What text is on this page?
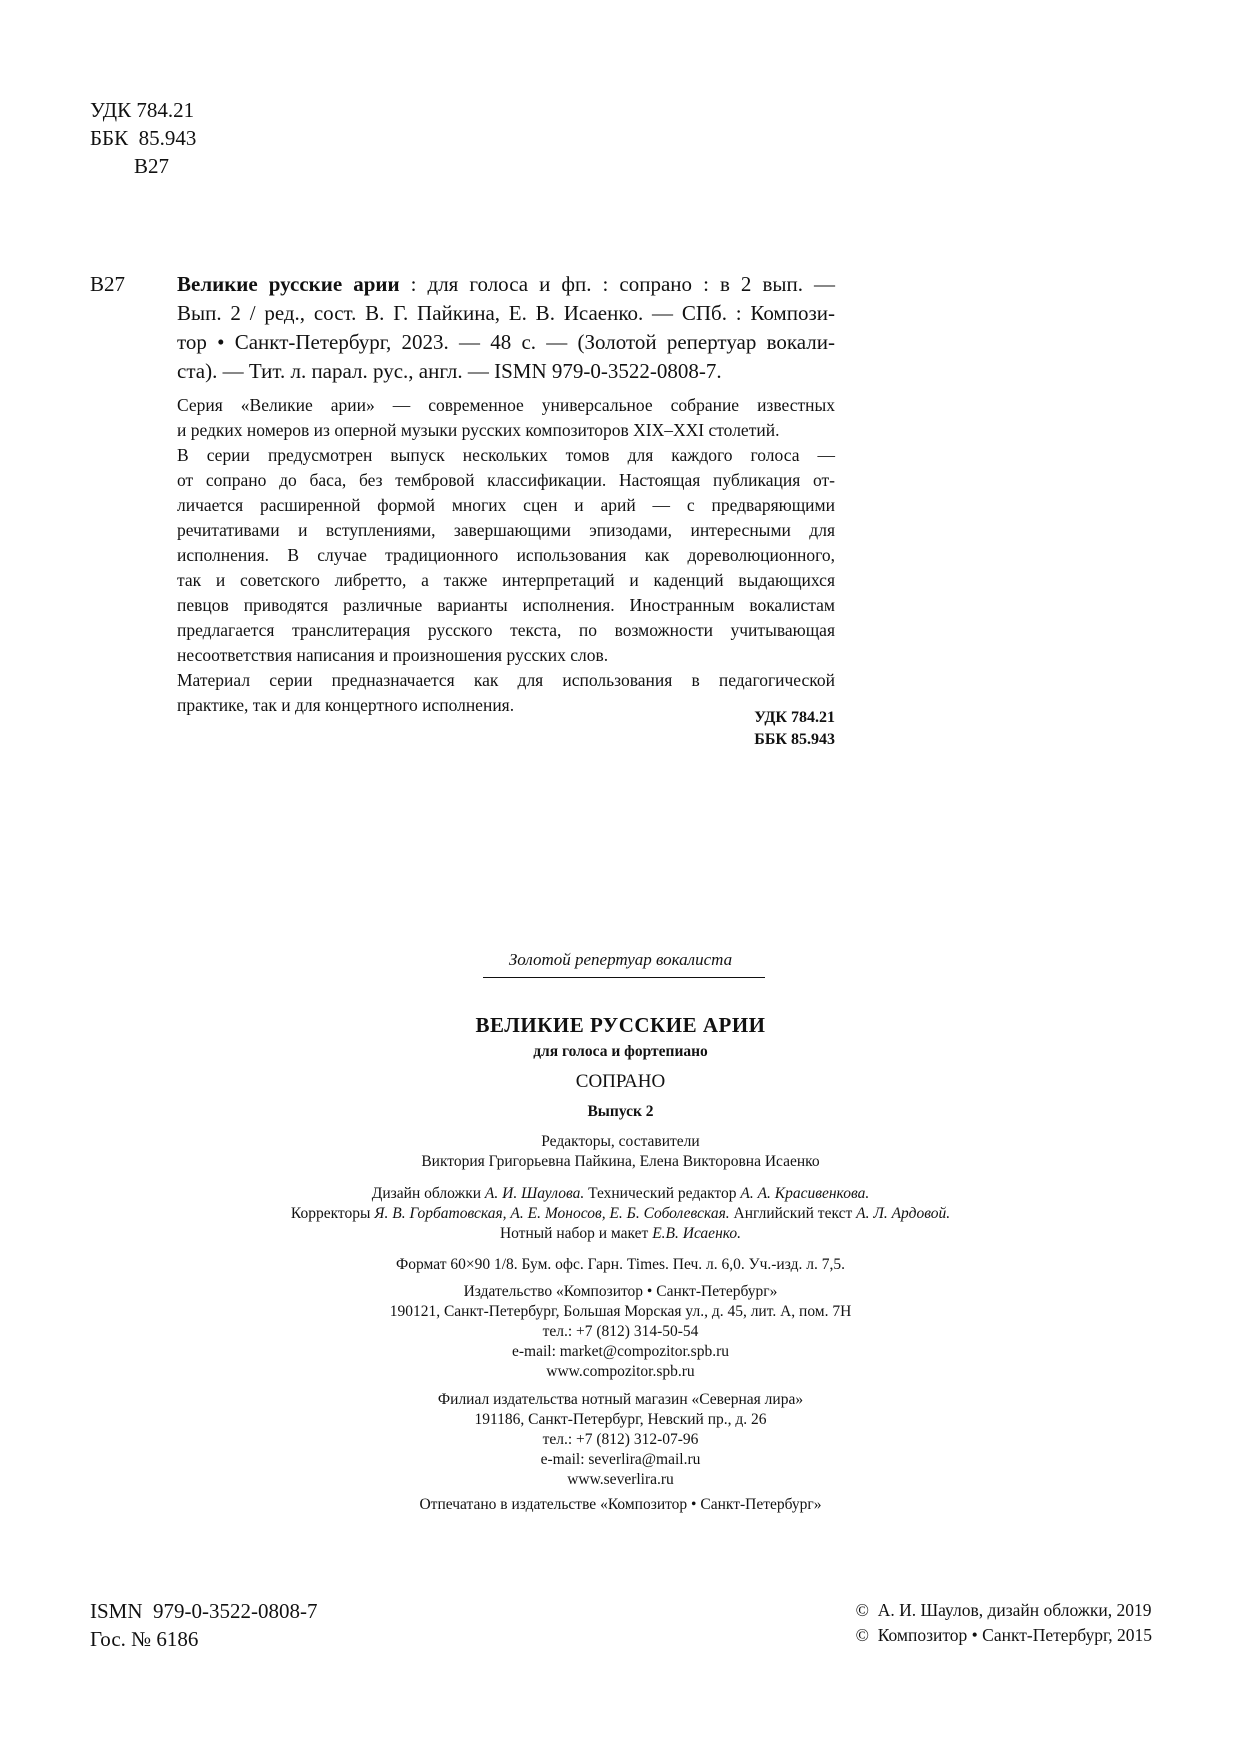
УДК 784.21
ББК  85.943
В27
В27 Великие русские арии : для голоса и фп. : сопрано : в 2 вып. —
Вып. 2 / ред., сост. В. Г. Пайкина, Е. В. Исаенко. — СПб. : Компози-
тор • Санкт-Петербург, 2023. — 48 с. — (Золотой репертуар вокали-
ста). — Тит. л. парал. рус., англ. — ISMN 979-0-3522-0808-7.
Серия «Великие арии» — современное универсальное собрание известных
и редких номеров из оперной музыки русских композиторов XIX–XXI столетий.
В серии предусмотрен выпуск нескольких томов для каждого голоса —
от сопрано до баса, без тембровой классификации. Настоящая публикация от-
личается расширенной формой многих сцен и арий — с предваряющими
речитативами и вступлениями, завершающими эпизодами, интересными для
исполнения. В случае традиционного использования как дореволюционного,
так и советского либретто, а также интерпретаций и каденций выдающихся
певцов приводятся различные варианты исполнения. Иностранным вокалистам
предлагается транслитерация русского текста, по возможности учитывающая
несоответствия написания и произношения русских слов.
Материал серии предназначается как для использования в педагогической
практике, так и для концертного исполнения.
УДК 784.21
ББК 85.943
Золотой репертуар вокалиста
ВЕЛИКИЕ РУССКИЕ АРИИ
для голоса и фортепиано
СОПРАНО
Выпуск 2
Редакторы, составители
Виктория Григорьевна Пайкина, Елена Викторовна Исаенко
Дизайн обложки А. И. Шаулова. Технический редактор А. А. Красивенкова.
Корректоры Я. В. Горбатовская, А. Е. Моносов, Е. Б. Соболевская. Английский текст А. Л. Ардовой.
Нотный набор и макет Е.В. Исаенко.
Формат 60×90 1/8. Бум. офс. Гарн. Times. Печ. л. 6,0. Уч.-изд. л. 7,5.
Издательство «Композитор • Санкт-Петербург»
190121, Санкт-Петербург, Большая Морская ул., д. 45, лит. А, пом. 7Н
тел.: +7 (812) 314-50-54
e-mail: market@compozitor.spb.ru
www.compozitor.spb.ru
Филиал издательства нотный магазин «Северная лира»
191186, Санкт-Петербург, Невский пр., д. 26
тел.: +7 (812) 312-07-96
e-mail: severlira@mail.ru
www.severlira.ru
Отпечатано в издательстве «Композитор • Санкт-Петербург»
ISMN  979-0-3522-0808-7
Гос. № 6186
©  А. И. Шаулов, дизайн обложки, 2019
©  Композитор • Санкт-Петербург, 2015
